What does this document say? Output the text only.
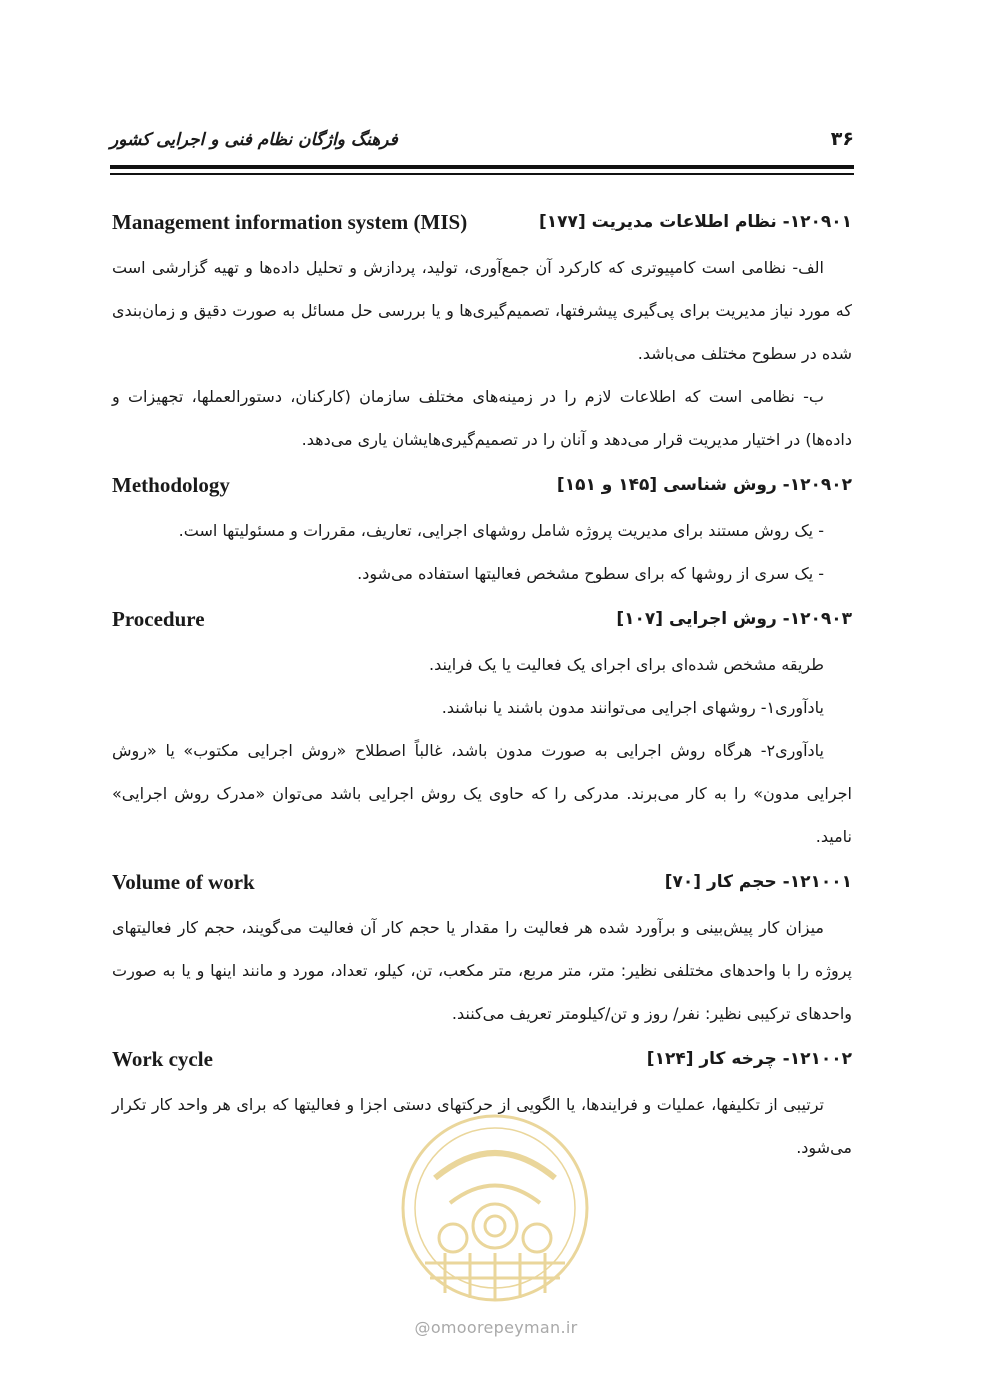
۳۶
فرهنگ واژگان نظام فنی و اجرایی کشور
۱۲۰۹۰۱- نظام اطلاعات مدیریت [۱۷۷]
Management information system (MIS)

الف- نظامی است کامپیوتری که کارکرد آن جمع‌آوری، تولید، پردازش و تحلیل داده‌ها و تهیه گزارشی است که مورد نیاز مدیریت برای پی‌گیری پیشرفتها، تصمیم‌گیری‌ها و یا بررسی حل مسائل به صورت دقیق و زمان‌بندی شده در سطوح مختلف می‌باشد.

ب- نظامی است که اطلاعات لازم را در زمینه‌های مختلف سازمان (کارکنان، دستورالعملها، تجهیزات و داده‌ها) در اختیار مدیریت قرار می‌دهد و آنان را در تصمیم‌گیری‌هایشان یاری می‌دهد.

۱۲۰۹۰۲- روش شناسی [۱۴۵ و ۱۵۱]
Methodology

- یک روش مستند برای مدیریت پروژه شامل روشهای اجرایی، تعاریف، مقررات و مسئولیتها است.

- یک سری از روشها که برای سطوح مشخص فعالیتها استفاده می‌شود.

۱۲۰۹۰۳- روش اجرایی [۱۰۷]
Procedure

طریقه مشخص شده‌ای برای اجرای یک فعالیت یا یک فرایند.

یادآوری۱- روشهای اجرایی می‌توانند مدون باشند یا نباشند.

یادآوری۲- هرگاه روش اجرایی به صورت مدون باشد، غالباً اصطلاح «روش اجرایی مکتوب» یا «روش اجرایی مدون» را به کار می‌برند. مدرکی را که حاوی یک روش اجرایی باشد می‌توان «مدرک روش اجرایی» نامید.

۱۲۱۰۰۱- حجم کار [۷۰]
Volume of work

میزان کار پیش‌بینی و برآورد شده هر فعالیت را مقدار یا حجم کار آن فعالیت می‌گویند، حجم کار فعالیتهای پروژه را با واحدهای مختلفی نظیر: متر، متر مربع، متر مکعب، تن، کیلو، تعداد، مورد و مانند اینها و یا به صورت واحدهای ترکیبی نظیر: نفر/ روز و تن/کیلومتر تعریف می‌کنند.

۱۲۱۰۰۲- چرخه کار [۱۲۴]
Work cycle

ترتیبی از تکلیفها، عملیات و فرایندها، یا الگویی از حرکتهای دستی اجزا و فعالیتها که برای هر واحد کار تکرار می‌شود.

@omoorepeyman.ir
